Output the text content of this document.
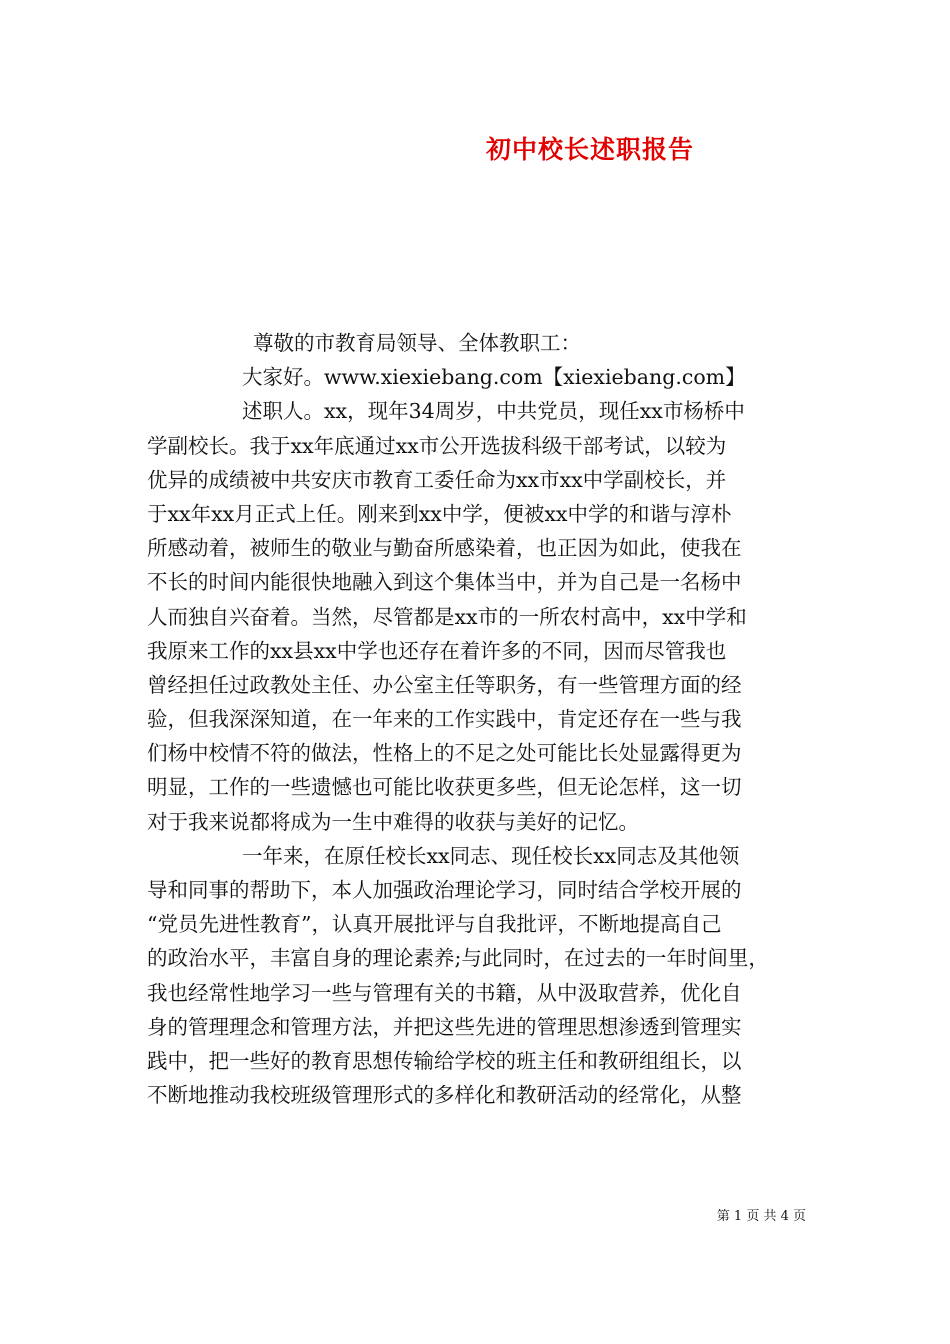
初中校长述职报告
尊敬的市教育局领导、全体教职工：
大家好。www.xiexiebang.com【xiexiebang.com】
述职人。xx，现年34周岁，中共党员，现任xx市杨桥中
学副校长。我于xx年底通过xx市公开选拔科级干部考试，以较为
优异的成绩被中共安庆市教育工委任命为xx市xx中学副校长，并
于xx年xx月正式上任。刚来到xx中学，便被xx中学的和谐与淳朴
所感动着，被师生的敬业与勤奋所感染着，也正因为如此，使我在
不长的时间内能很快地融入到这个集体当中，并为自己是一名杨中
人而独自兴奋着。当然，尽管都是xx市的一所农村高中，xx中学和
我原来工作的xx县xx中学也还存在着许多的不同，因而尽管我也
曾经担任过政教处主任、办公室主任等职务，有一些管理方面的经
验，但我深深知道，在一年来的工作实践中，肯定还存在一些与我
们杨中校情不符的做法，性格上的不足之处可能比长处显露得更为
明显，工作的一些遗憾也可能比收获更多些，但无论怎样，这一切
对于我来说都将成为一生中难得的收获与美好的记忆。
一年来，在原任校长xx同志、现任校长xx同志及其他领
导和同事的帮助下，本人加强政治理论学习，同时结合学校开展的
“党员先进性教育”，认真开展批评与自我批评，不断地提高自己
的政治水平，丰富自身的理论素养;与此同时，在过去的一年时间里，
我也经常性地学习一些与管理有关的书籍，从中汲取营养，优化自
身的管理理念和管理方法，并把这些先进的管理思想渗透到管理实
践中，把一些好的教育思想传输给学校的班主任和教研组组长，以
不断地推动我校班级管理形式的多样化和教研活动的经常化，从整
第 1 页 共 4 页
